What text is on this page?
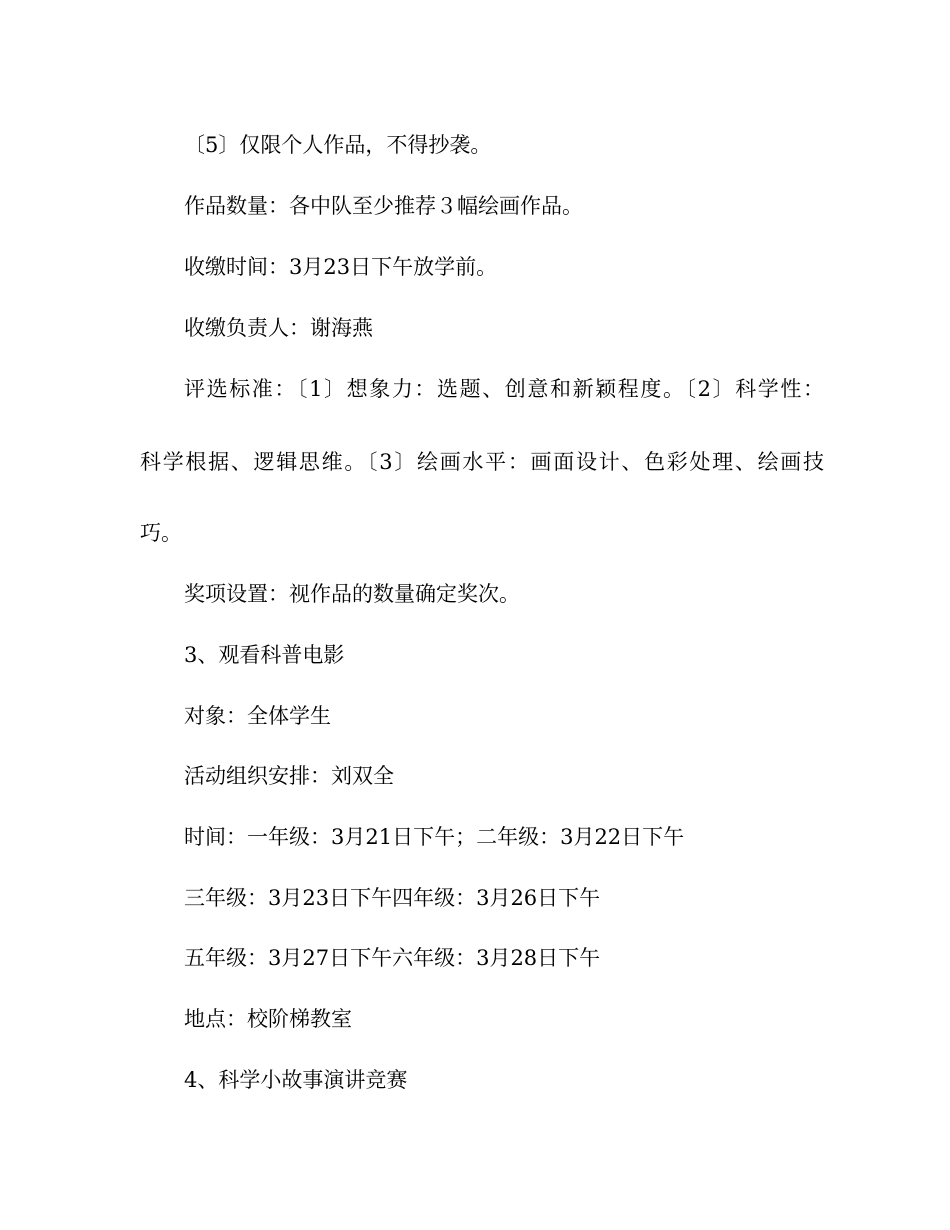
〔5〕仅限个人作品，不得抄袭。
作品数量：各中队至少推荐３幅绘画作品。
收缴时间：3月23日下午放学前。
收缴负责人：谢海燕
评选标准：〔1〕想象力：选题、创意和新颖程度。〔2〕科学性：
科学根据、逻辑思维。〔3〕绘画水平：画面设计、色彩处理、绘画技
巧。
奖项设置：视作品的数量确定奖次。
3、观看科普电影
对象：全体学生
活动组织安排：刘双全
时间：一年级：3月21日下午；二年级：3月22日下午
三年级：3月23日下午四年级：3月26日下午
五年级：3月27日下午六年级：3月28日下午
地点：校阶梯教室
4、科学小故事演讲竞赛
